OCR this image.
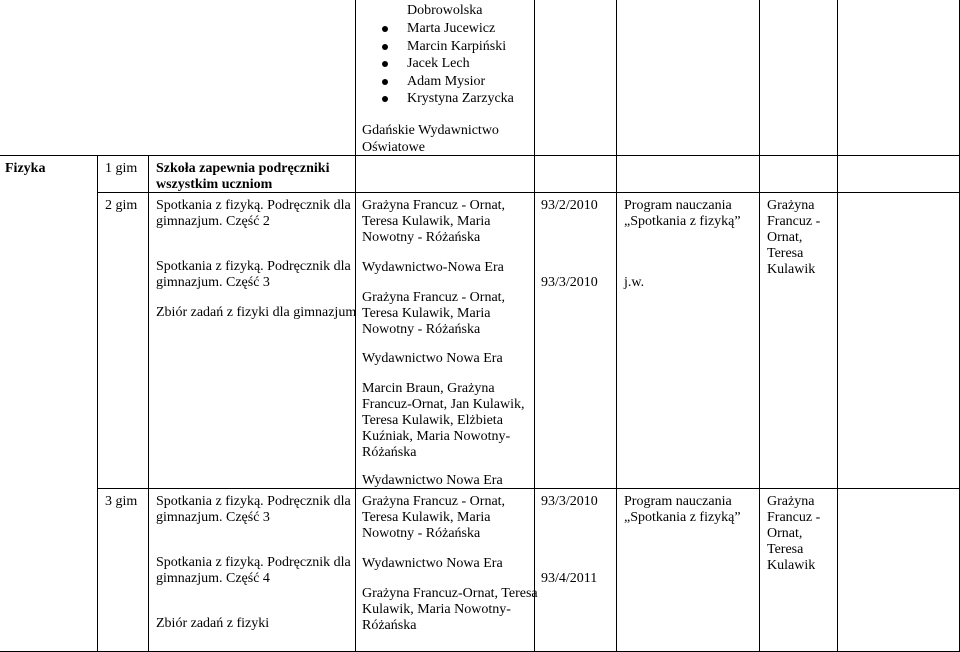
Dobrowolska
Marta Jucewicz
Marcin Karpiński
Jacek Lech
Adam Mysior
Krystyna Zarzycka
Gdańskie Wydawnictwo
Oświatowe
Fizyka	1 gim Szkoła zapewnia podręczniki
wszystkim uczniom
2 gim Spotkania z fizyką. Podręcznik dla
gimnazjum. Część 2
Spotkania z fizyką. Podręcznik dla
gimnazjum. Część 3
Zbiór zadań z fizyki dla gimnazjum
Grażyna Francuz - Ornat,
Teresa Kulawik, Maria
Nowotny - Różańska
Wydawnictwo-Nowa Era
Grażyna Francuz - Ornat,
Teresa Kulawik, Maria
Nowotny - Różańska
Wydawnictwo Nowa Era
Marcin Braun, Grażyna
Francuz-Ornat, Jan Kulawik,
Teresa Kulawik, Elżbieta
Kuźniak, Maria Nowotny-
Różańska
Wydawnictwo Nowa Era
93/2/2010
93/3/2010
Program nauczania
„Spotkania z fizyką”
j.w.
Grażyna
Francuz -
Ornat,
Teresa
Kulawik
3 gim Spotkania z fizyką. Podręcznik dla
gimnazjum. Część 3
Spotkania z fizyką. Podręcznik dla
gimnazjum. Część 4
Zbiór zadań z fizyki
Grażyna Francuz - Ornat,
Teresa Kulawik, Maria
Nowotny - Różańska
Wydawnictwo Nowa Era
Grażyna Francuz-Ornat, Teresa
Kulawik, Maria Nowotny-
Różańska
93/3/2010
93/4/2011
Program nauczania
„Spotkania z fizyką”
Grażyna
Francuz -
Ornat,
Teresa
Kulawik
